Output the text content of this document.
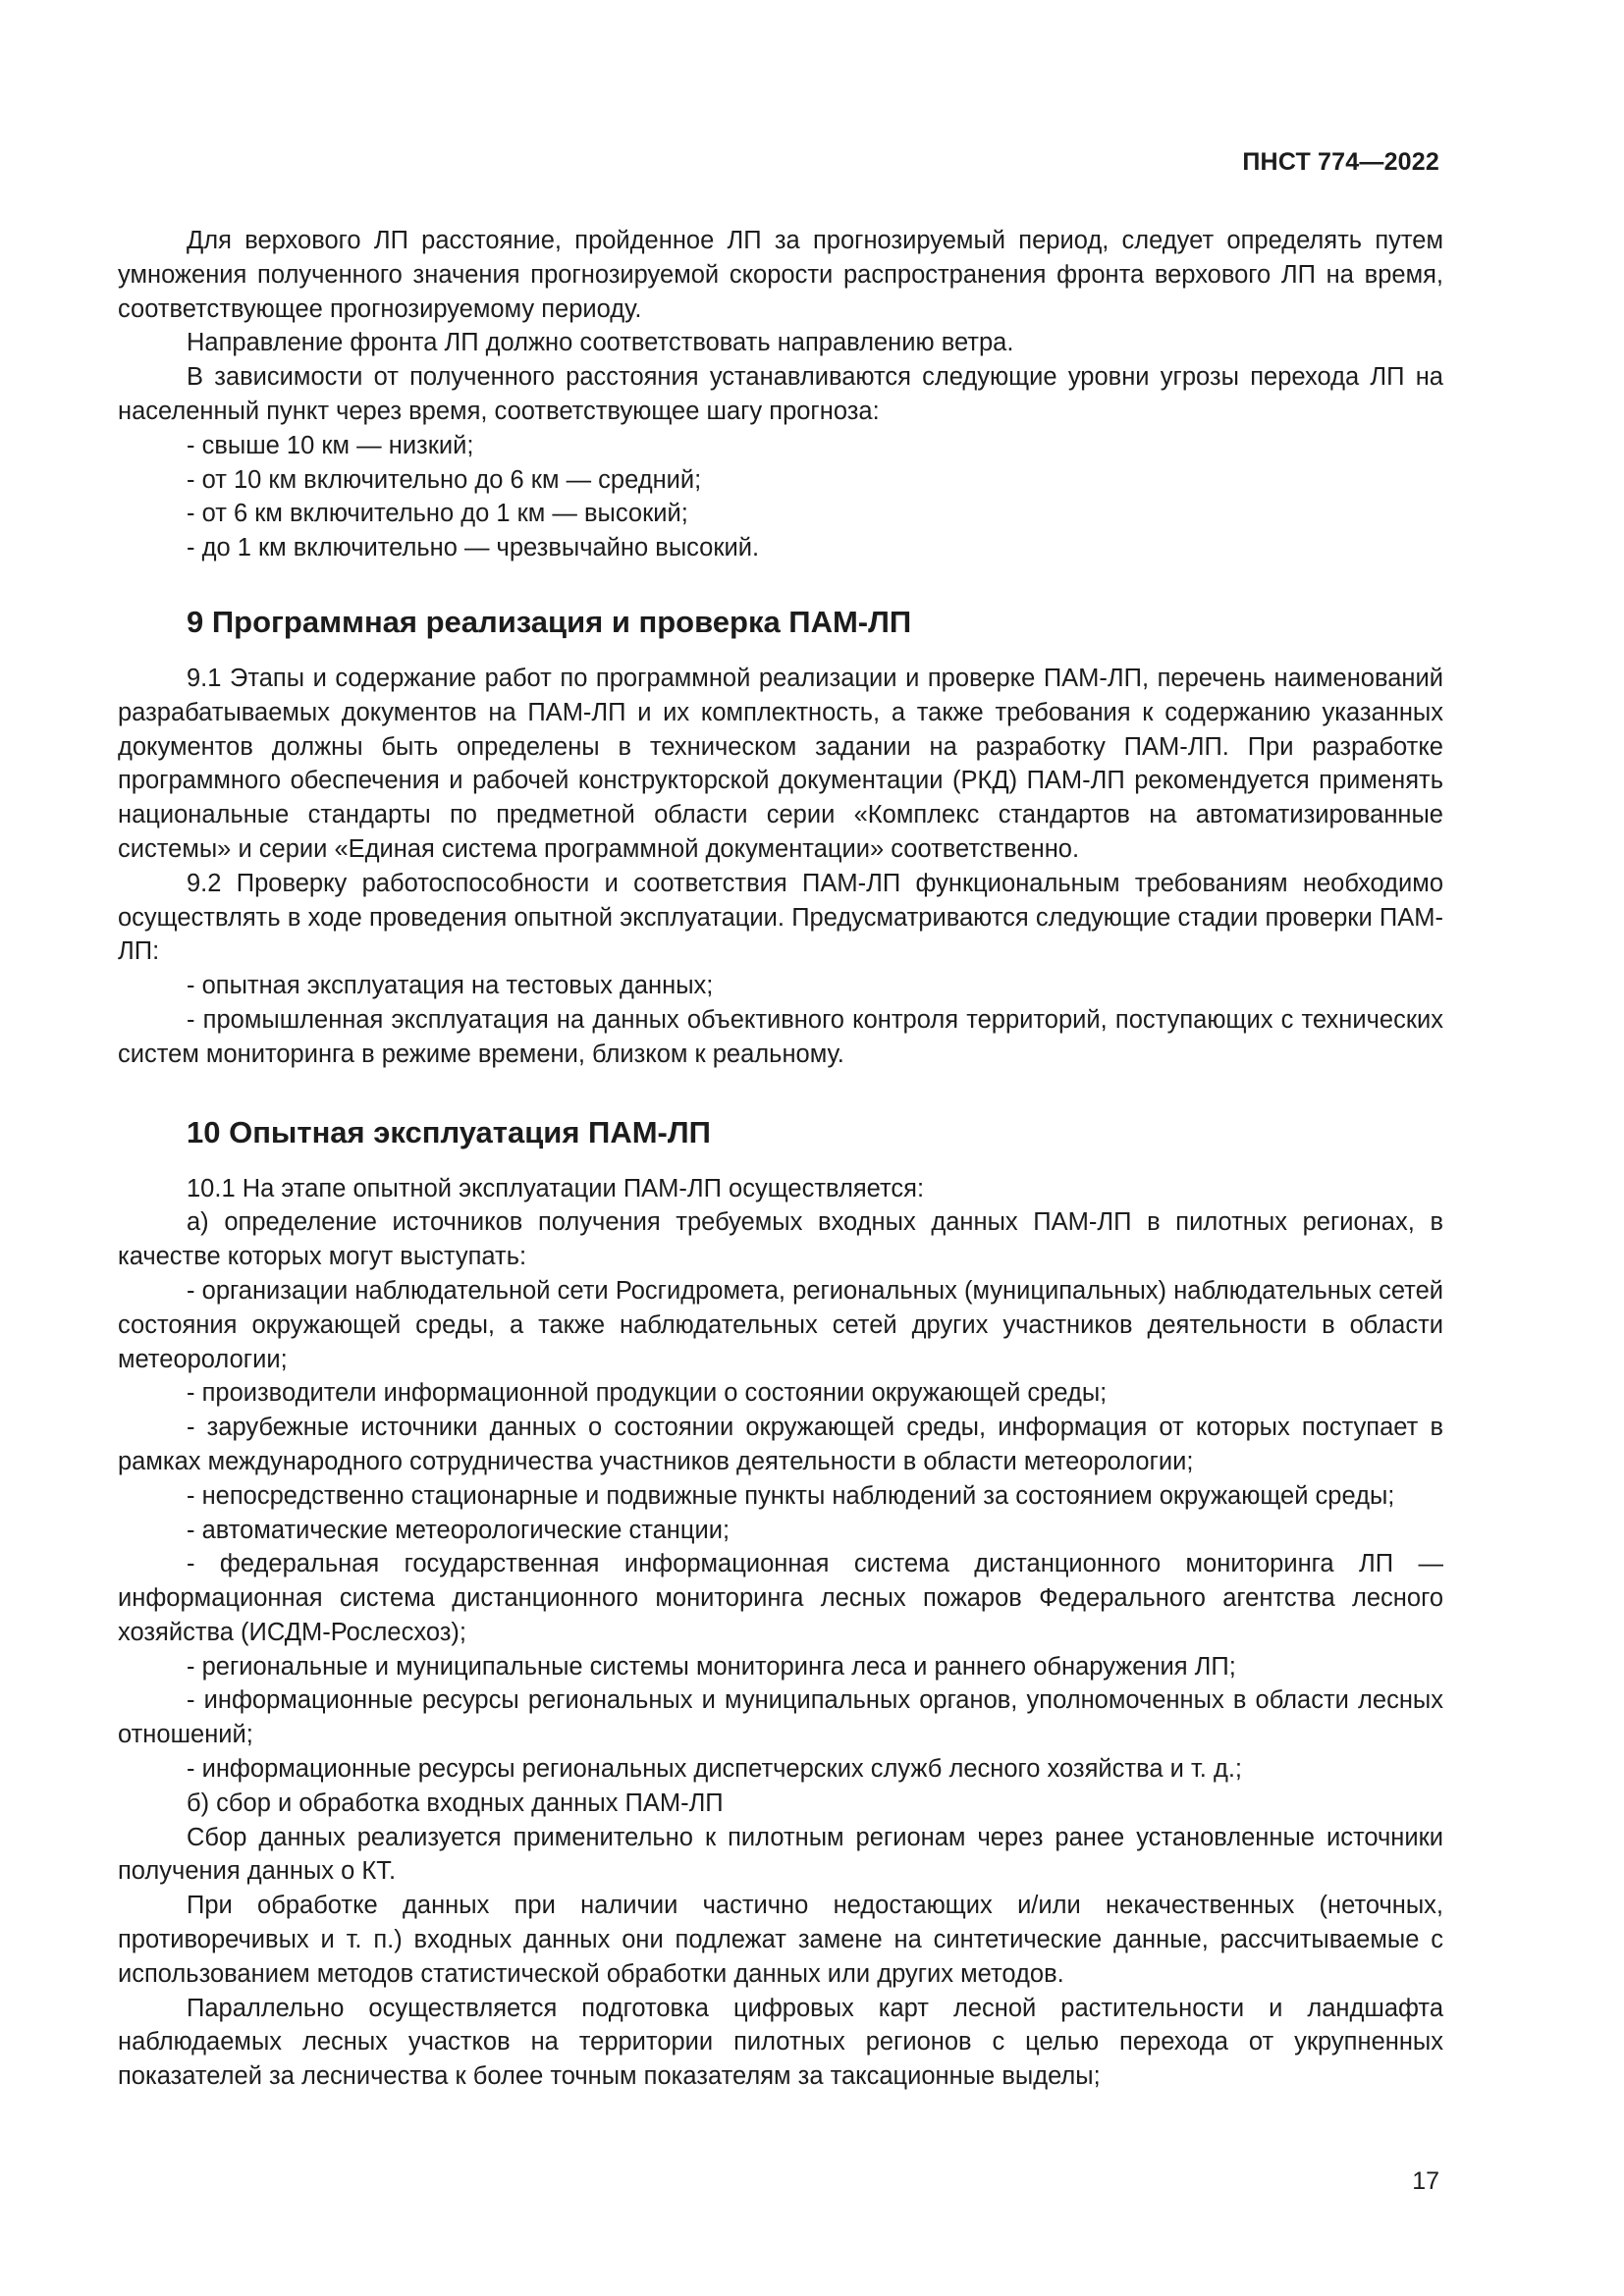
ПНСТ 774—2022

Для верхового ЛП расстояние, пройденное ЛП за прогнозируемый период, следует определять путем умножения полученного значения прогнозируемой скорости распространения фронта верхового ЛП на время, соответствующее прогнозируемому периоду.

Направление фронта ЛП должно соответствовать направлению ветра.

В зависимости от полученного расстояния устанавливаются следующие уровни угрозы перехода ЛП на населенный пункт через время, соответствующее шагу прогноза:

- свыше 10 км — низкий;
- от 10 км включительно до 6 км — средний;
- от 6 км включительно до 1 км — высокий;
- до 1 км включительно — чрезвычайно высокий.
9 Программная реализация и проверка ПАМ-ЛП

9.1 Этапы и содержание работ по программной реализации и проверке ПАМ-ЛП, перечень наименований разрабатываемых документов на ПАМ-ЛП и их комплектность, а также требования к содержанию указанных документов должны быть определены в техническом задании на разработку ПАМ-ЛП. При разработке программного обеспечения и рабочей конструкторской документации (РКД) ПАМ-ЛП рекомендуется применять национальные стандарты по предметной области серии «Комплекс стандартов на автоматизированные системы» и серии «Единая система программной документации» соответственно.

9.2 Проверку работоспособности и соответствия ПАМ-ЛП функциональным требованиям необходимо осуществлять в ходе проведения опытной эксплуатации. Предусматриваются следующие стадии проверки ПАМ-ЛП:

- опытная эксплуатация на тестовых данных;

- промышленная эксплуатация на данных объективного контроля территорий, поступающих с технических систем мониторинга в режиме времени, близком к реальному.

10 Опытная эксплуатация ПАМ-ЛП

10.1 На этапе опытной эксплуатации ПАМ-ЛП осуществляется:

а) определение источников получения требуемых входных данных ПАМ-ЛП в пилотных регионах, в качестве которых могут выступать:

- организации наблюдательной сети Росгидромета, региональных (муниципальных) наблюдательных сетей состояния окружающей среды, а также наблюдательных сетей других участников деятельности в области метеорологии;

- производители информационной продукции о состоянии окружающей среды;

- зарубежные источники данных о состоянии окружающей среды, информация от которых поступает в рамках международного сотрудничества участников деятельности в области метеорологии;

- непосредственно стационарные и подвижные пункты наблюдений за состоянием окружающей среды;

- автоматические метеорологические станции;

- федеральная государственная информационная система дистанционного мониторинга ЛП — информационная система дистанционного мониторинга лесных пожаров Федерального агентства лесного хозяйства (ИСДМ-Рослесхоз);

- региональные и муниципальные системы мониторинга леса и раннего обнаружения ЛП;

- информационные ресурсы региональных и муниципальных органов, уполномоченных в области лесных отношений;

- информационные ресурсы региональных диспетчерских служб лесного хозяйства и т. д.;

б) сбор и обработка входных данных ПАМ-ЛП

Сбор данных реализуется применительно к пилотным регионам через ранее установленные источники получения данных о КТ.

При обработке данных при наличии частично недостающих и/или некачественных (неточных, противоречивых и т. п.) входных данных они подлежат замене на синтетические данные, рассчитываемые с использованием методов статистической обработки данных или других методов.

Параллельно осуществляется подготовка цифровых карт лесной растительности и ландшафта наблюдаемых лесных участков на территории пилотных регионов с целью перехода от укрупненных показателей за лесничества к более точным показателям за таксационные выделы;

17
